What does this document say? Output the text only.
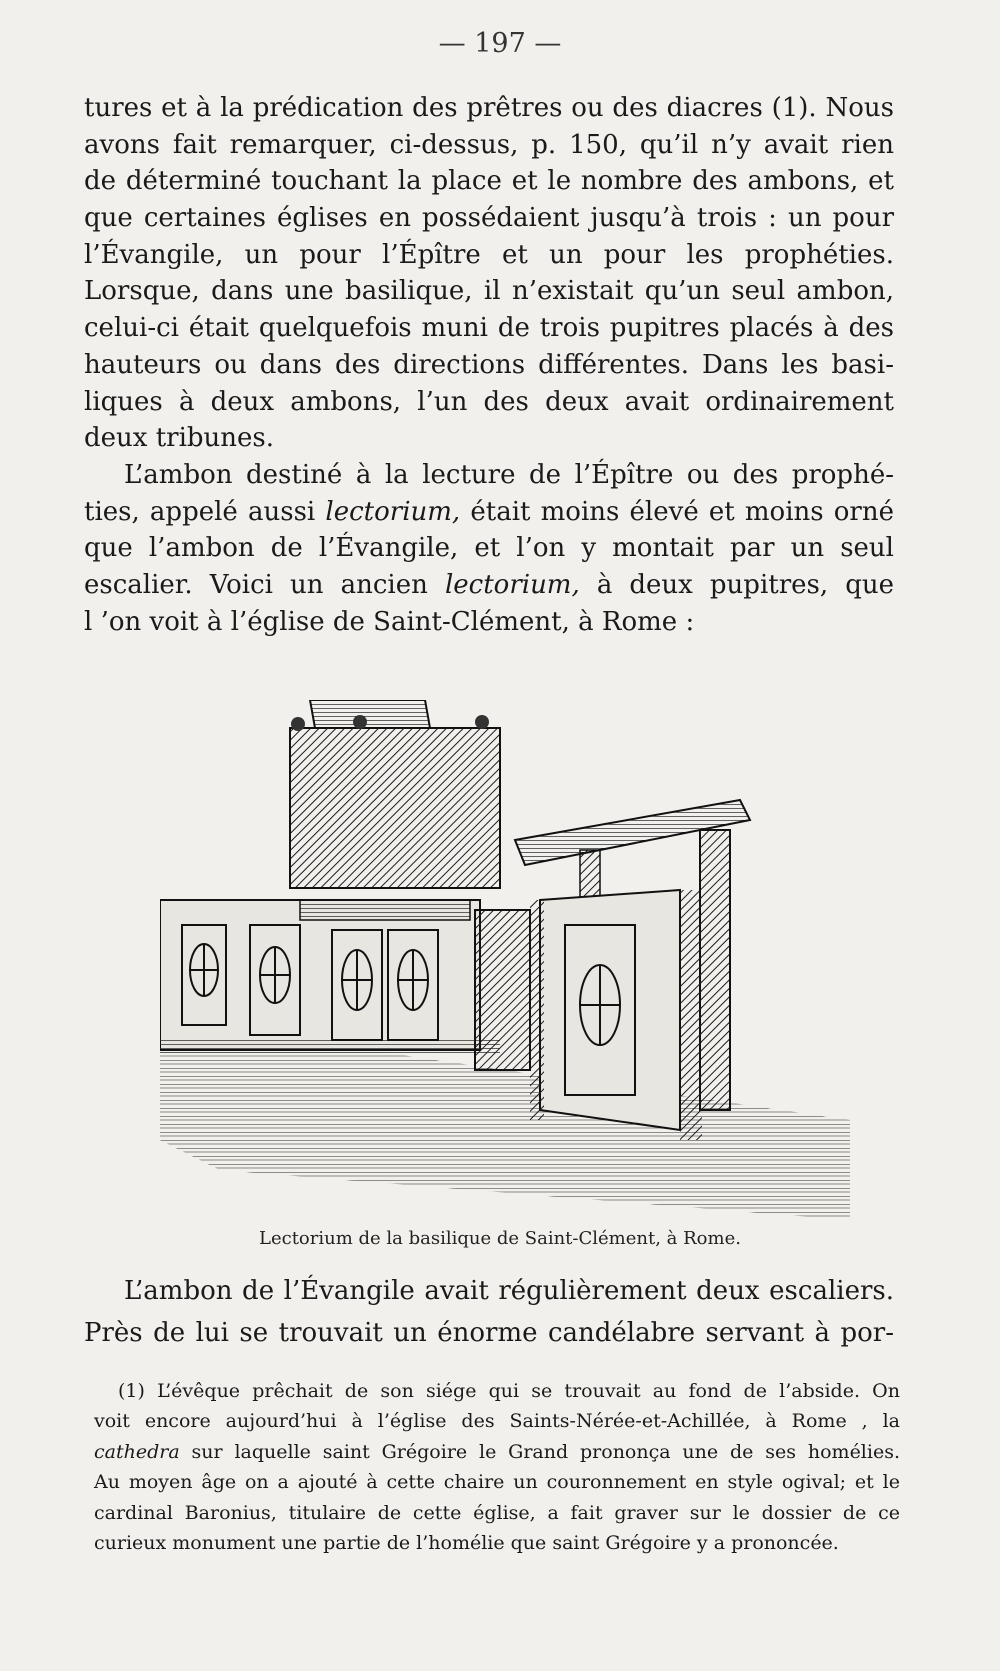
— 197 —
tures et à la prédication des prêtres ou des diacres (1). Nous
avons fait remarquer, ci-dessus, p. 150, qu’il n’y avait rien
de déterminé touchant la place et le nombre des ambons, et
que certaines églises en possédaient jusqu’à trois : un pour
l’Évangile, un pour l’Épître et un pour les prophéties.
Lorsque, dans une basilique, il n’existait qu’un seul ambon,
celui-ci était quelquefois muni de trois pupitres placés à des
hauteurs ou dans des directions différentes. Dans les basi-
liques à deux ambons, l’un des deux avait ordinairement
deux tribunes.
L’ambon destiné à la lecture de l’Épître ou des prophé-
ties, appelé aussi lectorium, était moins élevé et moins orné
que l’ambon de l’Évangile, et l’on y montait par un seul
escalier. Voici un ancien lectorium, à deux pupitres, que
l ’on voit à l’église de Saint-Clément, à Rome :
Lectorium de la basilique de Saint-Clément, à Rome.
L’ambon de l’Évangile avait régulièrement deux escaliers.
Près de lui se trouvait un énorme candélabre servant à por-
(1) L’évêque prêchait de son siége qui se trouvait au fond de l’abside. On
voit encore aujourd’hui à l’église des Saints-Nérée-et-Achillée, à Rome , la
cathedra sur laquelle saint Grégoire le Grand prononça une de ses homélies.
Au moyen âge on a ajouté à cette chaire un couronnement en style ogival; et le
cardinal Baronius, titulaire de cette église, a fait graver sur le dossier de ce
curieux monument une partie de l’homélie que saint Grégoire y a prononcée.
